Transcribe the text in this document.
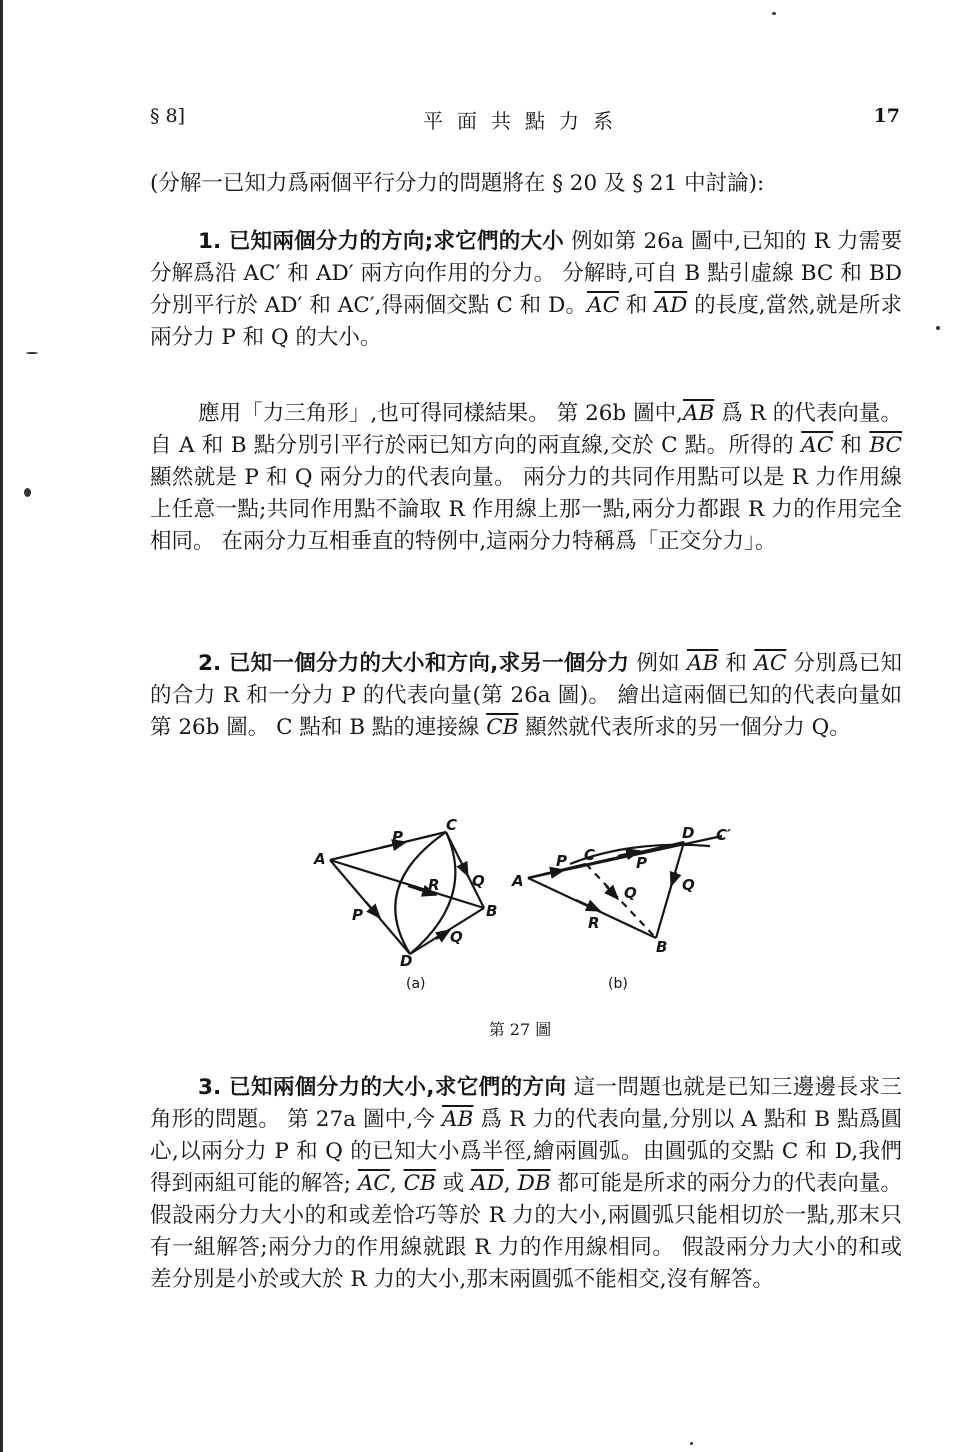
§ 8]	平面共點力系	17

(分解一已知力爲兩個平行分力的問題將在 § 20 及 § 21 中討論):

1. 已知兩個分力的方向;求它們的大小 例如第 26a 圖中,已知的 R 力需要分解爲沿 AC′ 和 AD′ 兩方向作用的分力。 分解時,可自 B 點引虛線 BC 和 BD 分別平行於 AD′ 和 AC′,得兩個交點 C 和 D。$\overline{AC}$ 和 $\overline{AD}$ 的長度,當然,就是所求兩分力 P 和 Q 的大小。

應用「力三角形」,也可得同樣結果。 第 26b 圖中$,\overline{AB}$ 爲 R 的代表向量。 自 A 和 B 點分別引平行於兩已知方向的兩直線,交於 C 點。所得的 $\overline{AC}$ 和 $\overline{BC}$ 顯然就是 P 和 Q 兩分力的代表向量。 兩分力的共同作用點可以是 R 力作用線上任意一點;共同作用點不論取 R 作用線上那一點,兩分力都跟 R 力的作用完全相同。 在兩分力互相垂直的特例中,這兩分力特稱爲「正交分力」。

2. 已知一個分力的大小和方向,求另一個分力 例如 $\overline{AB}$ 和 $\overline{AC}$ 分別爲已知的合力 R 和一分力 P 的代表向量(第 26a 圖)。 繪出這兩個已知的代表向量如第 26b 圖。 C 點和 B 點的連接線 $\overline{CB}$ 顯然就代表所求的另一個分力 Q。

A
C
B
D
P
P
R Q
Q
(a)
A
C
D C′
B
P	P
R
Q	Q
(b)
第 27 圖

3. 已知兩個分力的大小,求它們的方向 這一問題也就是已知三邊邊長求三角形的問題。 第 27a 圖中,今 $\overline{AB}$ 爲 R 力的代表向量,分別以 A 點和 B 點爲圓心,以兩分力 P 和 Q 的已知大小爲半徑,繪兩圓弧。由圓弧的交點 C 和 D,我們得到兩組可能的解答; $\overline{AC}$, $\overline{CB}$ 或 $\overline{AD}$, $\overline{DB}$ 都可能是所求的兩分力的代表向量。 假設兩分力大小的和或差恰巧等於 R 力的大小,兩圓弧只能相切於一點,那末只有一組解答;兩分力的作用線就跟 R 力的作用線相同。 假設兩分力大小的和或差分別是小於或大於 R 力的大小,那末兩圓弧不能相交,沒有解答。
